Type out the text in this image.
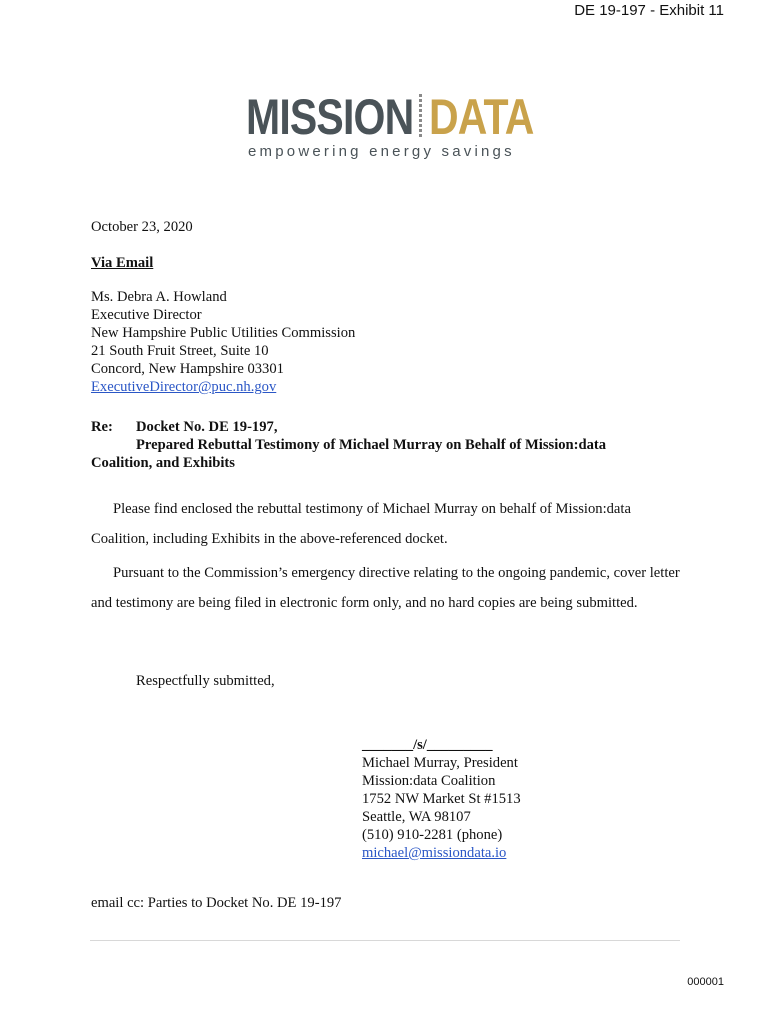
DE 19-197 - Exhibit 11
MISSION DATA
empowering energy savings
October 23, 2020
Via Email
Ms. Debra A. Howland
Executive Director
New Hampshire Public Utilities Commission
21 South Fruit Street, Suite 10
Concord, New Hampshire 03301
ExecutiveDirector@puc.nh.gov
Re: Docket No. DE 19-197,
Prepared Rebuttal Testimony of Michael Murray on Behalf of Mission:data
Coalition, and Exhibits

Please find enclosed the rebuttal testimony of Michael Murray on behalf of Mission:data Coalition, including Exhibits in the above-referenced docket.

Pursuant to the Commission’s emergency directive relating to the ongoing pandemic, cover letter and testimony are being filed in electronic form only, and no hard copies are being submitted.

Respectfully submitted,
_______/s/_________
Michael Murray, President
Mission:data Coalition
1752 NW Market St #1513
Seattle, WA 98107
(510) 910-2281 (phone)
michael@missiondata.io
email cc: Parties to Docket No. DE 19-197
000001
